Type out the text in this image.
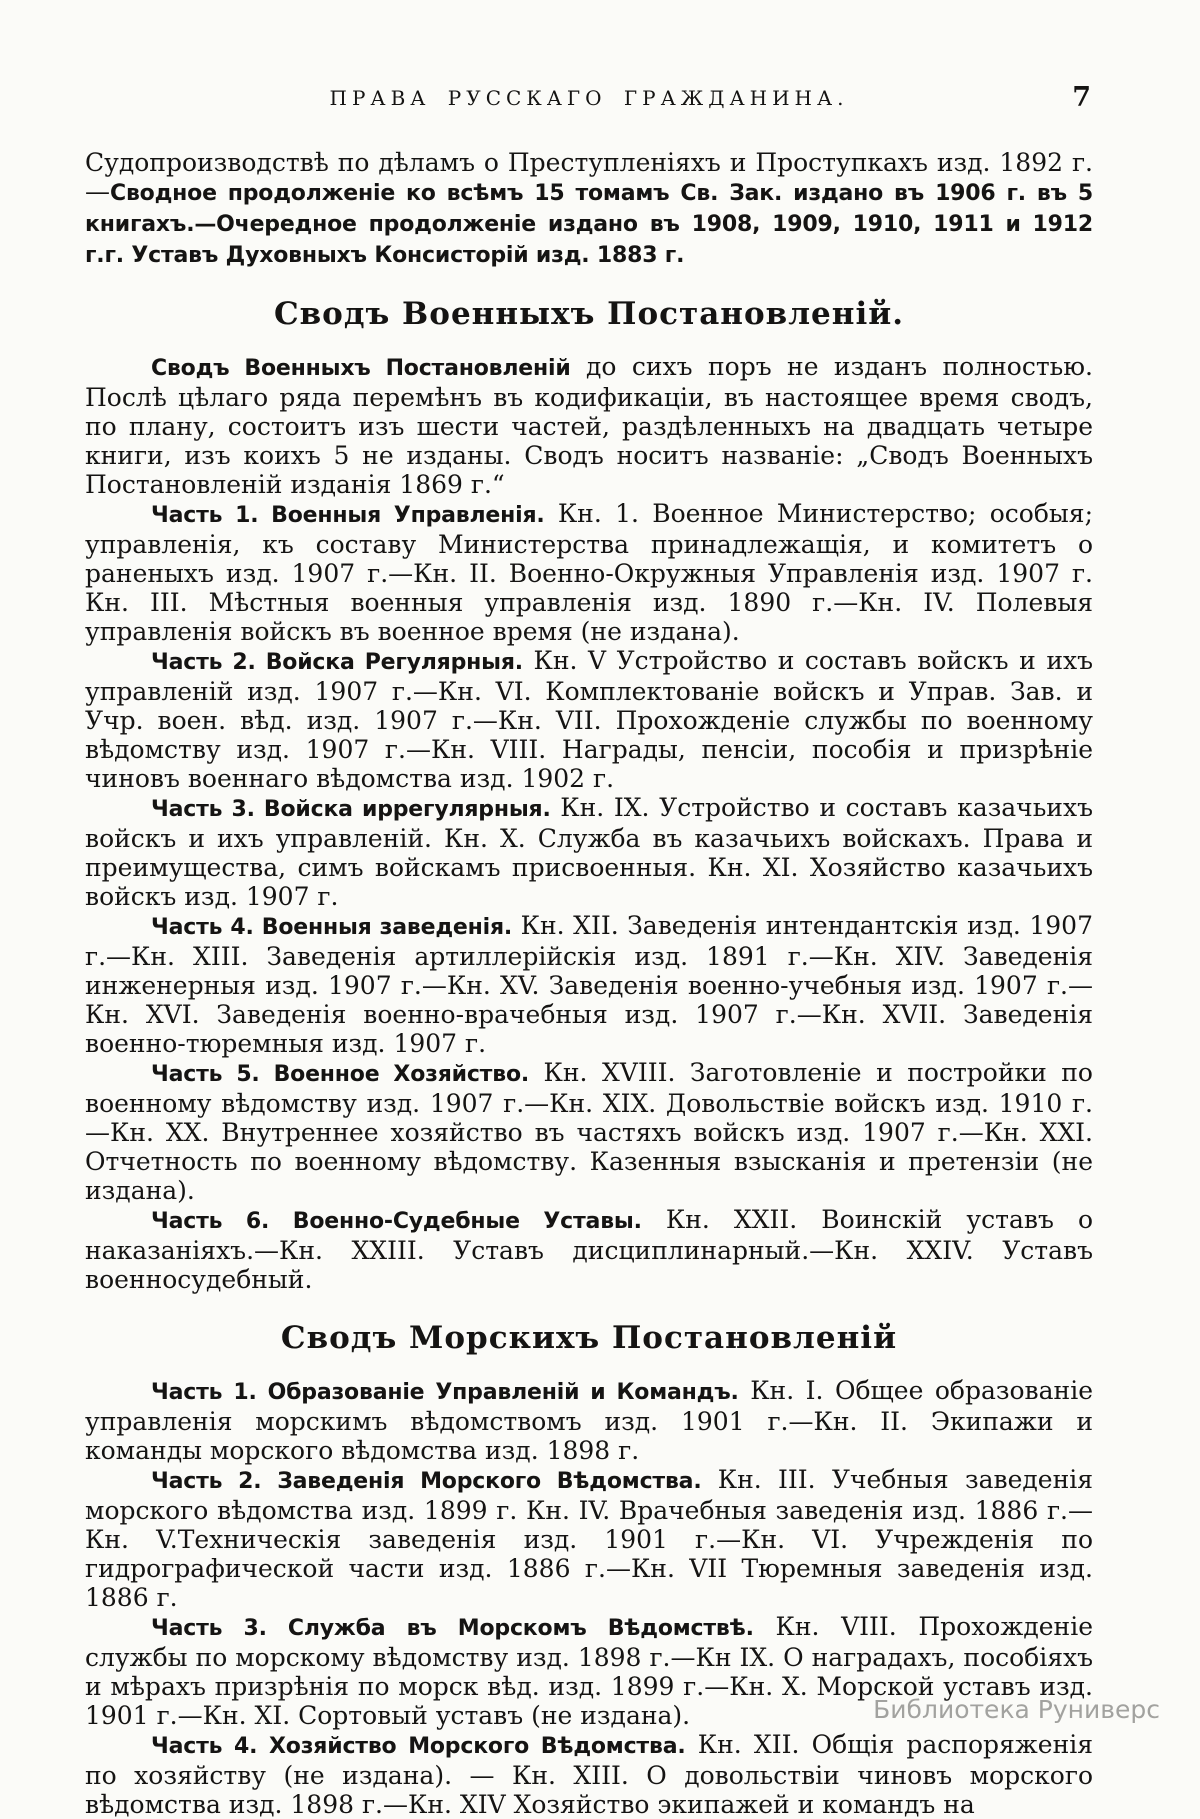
ПРАВА РУССКАГО ГРАЖДАНИНА.	7

Судопроизводствѣ по дѣламъ о Преступленіяхъ и Проступкахъ изд. 1892 г.—Сводное продолженіе ко всѣмъ 15 томамъ Св. Зак. издано въ 1906 г. въ 5 книгахъ.—Очередное продолженіе издано въ 1908, 1909, 1910, 1911 и 1912 г.г. Уставъ Духовныхъ Консисторій изд. 1883 г.

Сводъ Военныхъ Постановленій.

Сводъ Военныхъ Постановленій до сихъ поръ не изданъ полностью. Послѣ цѣлаго ряда перемѣнъ въ кодификаціи, въ настоящее время сводъ, по плану, состоитъ изъ шести частей, раздѣленныхъ на двадцать четыре книги, изъ коихъ 5 не изданы. Сводъ носитъ названіе: „Сводъ Военныхъ Постановленій изданія 1869 г.“

Часть 1. Военныя Управленія. Кн. 1. Военное Министерство; особыя; управленія, къ составу Министерства принадлежащія, и комитетъ о раненыхъ изд. 1907 г.—Кн. II. Военно-Окружныя Управленія изд. 1907 г. Кн. III. Мѣстныя военныя управленія изд. 1890 г.—Кн. IV. Полевыя управленія войскъ въ военное время (не издана).

Часть 2. Войска Регулярныя. Кн. V Устройство и составъ войскъ и ихъ управленій изд. 1907 г.—Кн. VI. Комплектованіе войскъ и Управ. Зав. и Учр. воен. вѣд. изд. 1907 г.—Кн. VII. Прохожденіе службы по военному вѣдомству изд. 1907 г.—Кн. VIII. Награды, пенсіи, пособія и призрѣніе чиновъ военнаго вѣдомства изд. 1902 г.

Часть 3. Войска иррегулярныя. Кн. IX. Устройство и составъ казачьихъ войскъ и ихъ управленій. Кн. X. Служба въ казачьихъ войскахъ. Права и преимущества, симъ войскамъ присвоенныя. Кн. XI. Хозяйство казачьихъ войскъ изд. 1907 г.

Часть 4. Военныя заведенія. Кн. XII. Заведенія интендантскія изд. 1907 г.—Кн. XIII. Заведенія артиллерійскія изд. 1891 г.—Кн. XIV. Заведенія инженерныя изд. 1907 г.—Кн. XV. Заведенія военно-учебныя изд. 1907 г.—Кн. XVI. Заведенія военно-врачебныя изд. 1907 г.—Кн. XVII. Заведенія военно-тюремныя изд. 1907 г.

Часть 5. Военное Хозяйство. Кн. XVIII. Заготовленіе и постройки по военному вѣдомству изд. 1907 г.—Кн. XIX. Довольствіе войскъ изд. 1910 г.—Кн. XX. Внутреннее хозяйство въ частяхъ войскъ изд. 1907 г.—Кн. XXI. Отчетность по военному вѣдомству. Казенныя взысканія и претензіи (не издана).

Часть 6. Военно-Судебные Уставы. Кн. XXII. Воинскій уставъ о наказаніяхъ.—Кн. XXIII. Уставъ дисциплинарный.—Кн. XXIV. Уставъ военносудебный.

Сводъ Морскихъ Постановленій

Часть 1. Образованіе Управленій и Командъ. Кн. I. Общее образованіе управленія морскимъ вѣдомствомъ изд. 1901 г.—Кн. II. Экипажи и команды морского вѣдомства изд. 1898 г.

Часть 2. Заведенія Морского Вѣдомства. Кн. III. Учебныя заведенія морского вѣдомства изд. 1899 г. Кн. IV. Врачебныя заведенія изд. 1886 г.—Кн. V.Техническія заведенія изд. 1901 г.—Кн. VI. Учрежденія по гидрографической части изд. 1886 г.—Кн. VII Тюремныя заведенія изд. 1886 г.

Часть 3. Служба въ Морскомъ Вѣдомствѣ. Кн. VIII. Прохожденіе службы по морскому вѣдомству изд. 1898 г.—Кн IX. О наградахъ, пособіяхъ и мѣрахъ призрѣнія по морск вѣд. изд. 1899 г.—Кн. X. Морской уставъ изд. 1901 г.—Кн. XI. Сортовый уставъ (не издана).

Часть 4. Хозяйство Морского Вѣдомства. Кн. XII. Общія распоряженія по хозяйству (не издана). — Кн. XIII. О довольствіи чиновъ морского вѣдомства изд. 1898 г.—Кн. XIV Хозяйство экипажей и командъ на

Библиотека Руниверс
